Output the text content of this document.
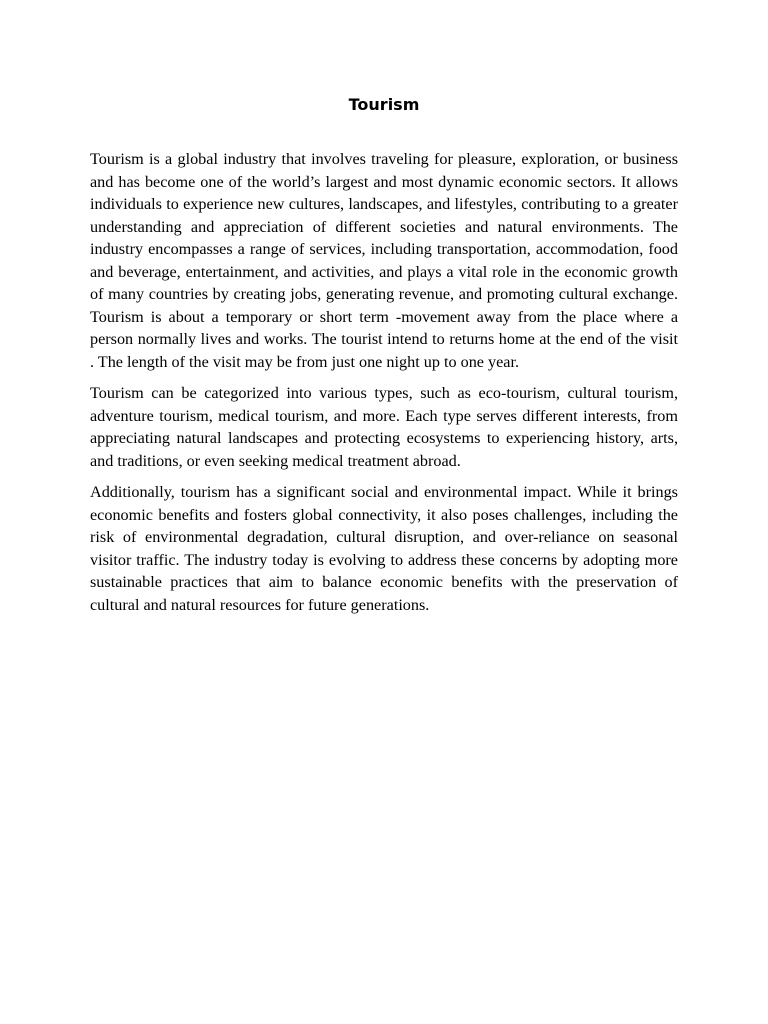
Tourism

Tourism is a global industry that involves traveling for pleasure, exploration, or business and has become one of the world’s largest and most dynamic economic sectors. It allows individuals to experience new cultures, landscapes, and lifestyles, contributing to a greater understanding and appreciation of different societies and natural environments. The industry encompasses a range of services, including transportation, accommodation, food and beverage, entertainment, and activities, and plays a vital role in the economic growth of many countries by creating jobs, generating revenue, and promoting cultural exchange. Tourism is about a temporary or short term -movement away from the place where a person normally lives and works. The tourist intend to returns home at the end of the visit . The length of the visit may be from just one night up to one year.

Tourism can be categorized into various types, such as eco-tourism, cultural tourism, adventure tourism, medical tourism, and more. Each type serves different interests, from appreciating natural landscapes and protecting ecosystems to experiencing history, arts, and traditions, or even seeking medical treatment abroad.

Additionally, tourism has a significant social and environmental impact. While it brings economic benefits and fosters global connectivity, it also poses challenges, including the risk of environmental degradation, cultural disruption, and over-reliance on seasonal visitor traffic. The industry today is evolving to address these concerns by adopting more sustainable practices that aim to balance economic benefits with the preservation of cultural and natural resources for future generations.
